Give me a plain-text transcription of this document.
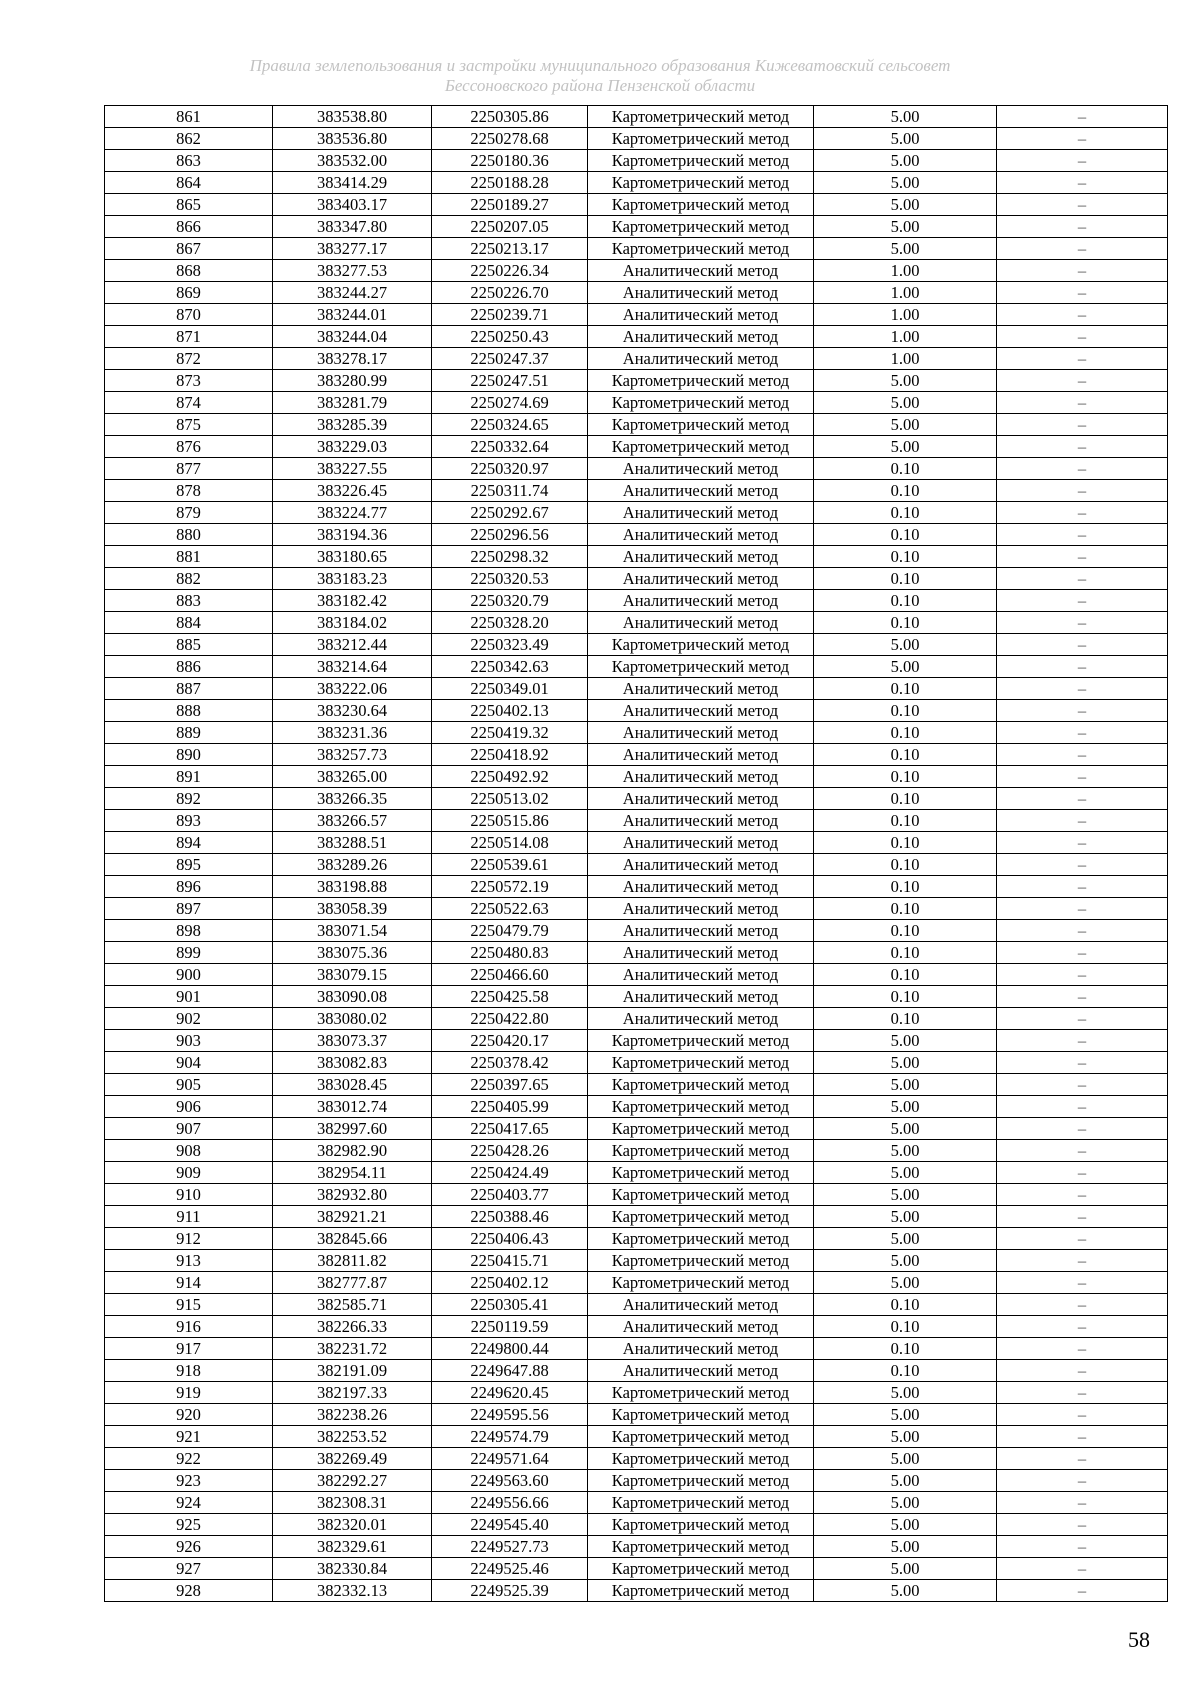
Правила землепользования и застройки муниципального образования Кижеватовский сельсовет
Бессоновского района Пензенской области
861	383538.80	2250305.86	Картометрический метод	5.00	–
862	383536.80	2250278.68	Картометрический метод	5.00	–
863	383532.00	2250180.36	Картометрический метод	5.00	–
864	383414.29	2250188.28	Картометрический метод	5.00	–
865	383403.17	2250189.27	Картометрический метод	5.00	–
866	383347.80	2250207.05	Картометрический метод	5.00	–
867	383277.17	2250213.17	Картометрический метод	5.00	–
868	383277.53	2250226.34	Аналитический метод	1.00	–
869	383244.27	2250226.70	Аналитический метод	1.00	–
870	383244.01	2250239.71	Аналитический метод	1.00	–
871	383244.04	2250250.43	Аналитический метод	1.00	–
872	383278.17	2250247.37	Аналитический метод	1.00	–
873	383280.99	2250247.51	Картометрический метод	5.00	–
874	383281.79	2250274.69	Картометрический метод	5.00	–
875	383285.39	2250324.65	Картометрический метод	5.00	–
876	383229.03	2250332.64	Картометрический метод	5.00	–
877	383227.55	2250320.97	Аналитический метод	0.10	–
878	383226.45	2250311.74	Аналитический метод	0.10	–
879	383224.77	2250292.67	Аналитический метод	0.10	–
880	383194.36	2250296.56	Аналитический метод	0.10	–
881	383180.65	2250298.32	Аналитический метод	0.10	–
882	383183.23	2250320.53	Аналитический метод	0.10	–
883	383182.42	2250320.79	Аналитический метод	0.10	–
884	383184.02	2250328.20	Аналитический метод	0.10	–
885	383212.44	2250323.49	Картометрический метод	5.00	–
886	383214.64	2250342.63	Картометрический метод	5.00	–
887	383222.06	2250349.01	Аналитический метод	0.10	–
888	383230.64	2250402.13	Аналитический метод	0.10	–
889	383231.36	2250419.32	Аналитический метод	0.10	–
890	383257.73	2250418.92	Аналитический метод	0.10	–
891	383265.00	2250492.92	Аналитический метод	0.10	–
892	383266.35	2250513.02	Аналитический метод	0.10	–
893	383266.57	2250515.86	Аналитический метод	0.10	–
894	383288.51	2250514.08	Аналитический метод	0.10	–
895	383289.26	2250539.61	Аналитический метод	0.10	–
896	383198.88	2250572.19	Аналитический метод	0.10	–
897	383058.39	2250522.63	Аналитический метод	0.10	–
898	383071.54	2250479.79	Аналитический метод	0.10	–
899	383075.36	2250480.83	Аналитический метод	0.10	–
900	383079.15	2250466.60	Аналитический метод	0.10	–
901	383090.08	2250425.58	Аналитический метод	0.10	–
902	383080.02	2250422.80	Аналитический метод	0.10	–
903	383073.37	2250420.17	Картометрический метод	5.00	–
904	383082.83	2250378.42	Картометрический метод	5.00	–
905	383028.45	2250397.65	Картометрический метод	5.00	–
906	383012.74	2250405.99	Картометрический метод	5.00	–
907	382997.60	2250417.65	Картометрический метод	5.00	–
908	382982.90	2250428.26	Картометрический метод	5.00	–
909	382954.11	2250424.49	Картометрический метод	5.00	–
910	382932.80	2250403.77	Картометрический метод	5.00	–
911	382921.21	2250388.46	Картометрический метод	5.00	–
912	382845.66	2250406.43	Картометрический метод	5.00	–
913	382811.82	2250415.71	Картометрический метод	5.00	–
914	382777.87	2250402.12	Картометрический метод	5.00	–
915	382585.71	2250305.41	Аналитический метод	0.10	–
916	382266.33	2250119.59	Аналитический метод	0.10	–
917	382231.72	2249800.44	Аналитический метод	0.10	–
918	382191.09	2249647.88	Аналитический метод	0.10	–
919	382197.33	2249620.45	Картометрический метод	5.00	–
920	382238.26	2249595.56	Картометрический метод	5.00	–
921	382253.52	2249574.79	Картометрический метод	5.00	–
922	382269.49	2249571.64	Картометрический метод	5.00	–
923	382292.27	2249563.60	Картометрический метод	5.00	–
924	382308.31	2249556.66	Картометрический метод	5.00	–
925	382320.01	2249545.40	Картометрический метод	5.00	–
926	382329.61	2249527.73	Картометрический метод	5.00	–
927	382330.84	2249525.46	Картометрический метод	5.00	–
928	382332.13	2249525.39	Картометрический метод	5.00	–
58
